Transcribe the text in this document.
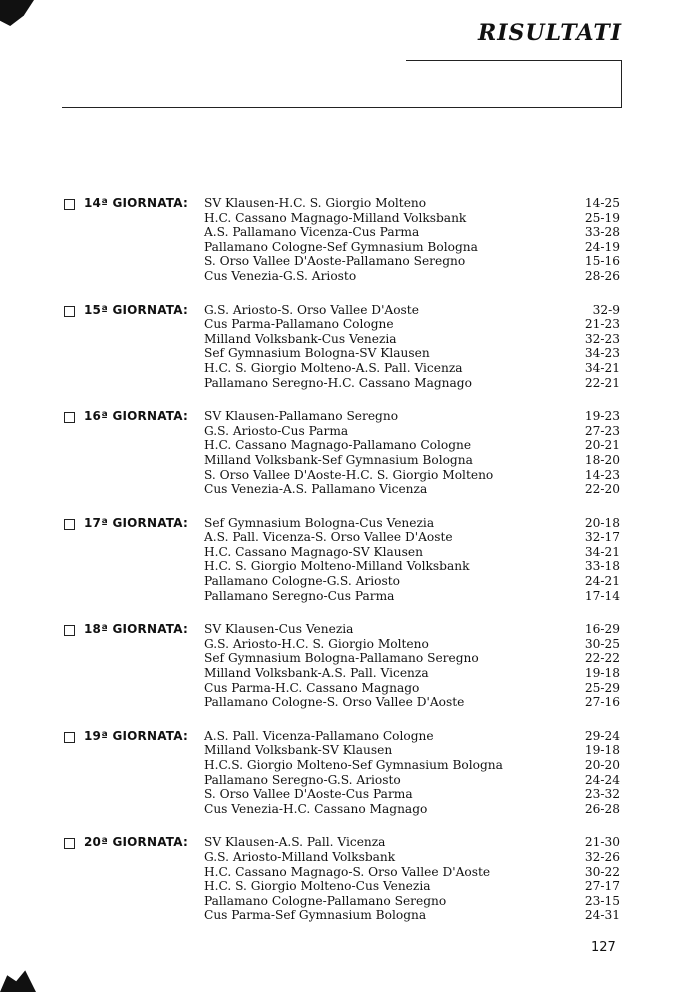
RISULTATI
14ª GIORNATA: SV Klausen-H.C. S. Giorgio Molteno	14-25
H.C. Cassano Magnago-Milland Volksbank	25-19
A.S. Pallamano Vicenza-Cus Parma	33-28
Pallamano Cologne-Sef Gymnasium Bologna	24-19
S. Orso Vallee D'Aoste-Pallamano Seregno	15-16
Cus Venezia-G.S. Ariosto	28-26
15ª GIORNATA: G.S. Ariosto-S. Orso Vallee D'Aoste	32-9
Cus Parma-Pallamano Cologne	21-23
Milland Volksbank-Cus Venezia	32-23
Sef Gymnasium Bologna-SV Klausen	34-23
H.C. S. Giorgio Molteno-A.S. Pall. Vicenza	34-21
Pallamano Seregno-H.C. Cassano Magnago	22-21
16ª GIORNATA: SV Klausen-Pallamano Seregno	19-23
G.S. Ariosto-Cus Parma	27-23
H.C. Cassano Magnago-Pallamano Cologne	20-21
Milland Volksbank-Sef Gymnasium Bologna	18-20
S. Orso Vallee D'Aoste-H.C. S. Giorgio Molteno	14-23
Cus Venezia-A.S. Pallamano Vicenza	22-20
17ª GIORNATA: Sef Gymnasium Bologna-Cus Venezia	20-18
A.S. Pall. Vicenza-S. Orso Vallee D'Aoste	32-17
H.C. Cassano Magnago-SV Klausen	34-21
H.C. S. Giorgio Molteno-Milland Volksbank	33-18
Pallamano Cologne-G.S. Ariosto	24-21
Pallamano Seregno-Cus Parma	17-14
18ª GIORNATA: SV Klausen-Cus Venezia	16-29
G.S. Ariosto-H.C. S. Giorgio Molteno	30-25
Sef Gymnasium Bologna-Pallamano Seregno	22-22
Milland Volksbank-A.S. Pall. Vicenza	19-18
Cus Parma-H.C. Cassano Magnago	25-29
Pallamano Cologne-S. Orso Vallee D'Aoste	27-16
19ª GIORNATA: A.S. Pall. Vicenza-Pallamano Cologne	29-24
Milland Volksbank-SV Klausen	19-18
H.C.S. Giorgio Molteno-Sef Gymnasium Bologna	20-20
Pallamano Seregno-G.S. Ariosto	24-24
S. Orso Vallee D'Aoste-Cus Parma	23-32
Cus Venezia-H.C. Cassano Magnago	26-28
20ª GIORNATA: SV Klausen-A.S. Pall. Vicenza	21-30
G.S. Ariosto-Milland Volksbank	32-26
H.C. Cassano Magnago-S. Orso Vallee D'Aoste	30-22
H.C. S. Giorgio Molteno-Cus Venezia	27-17
Pallamano Cologne-Pallamano Seregno	23-15
Cus Parma-Sef Gymnasium Bologna	24-31
127
